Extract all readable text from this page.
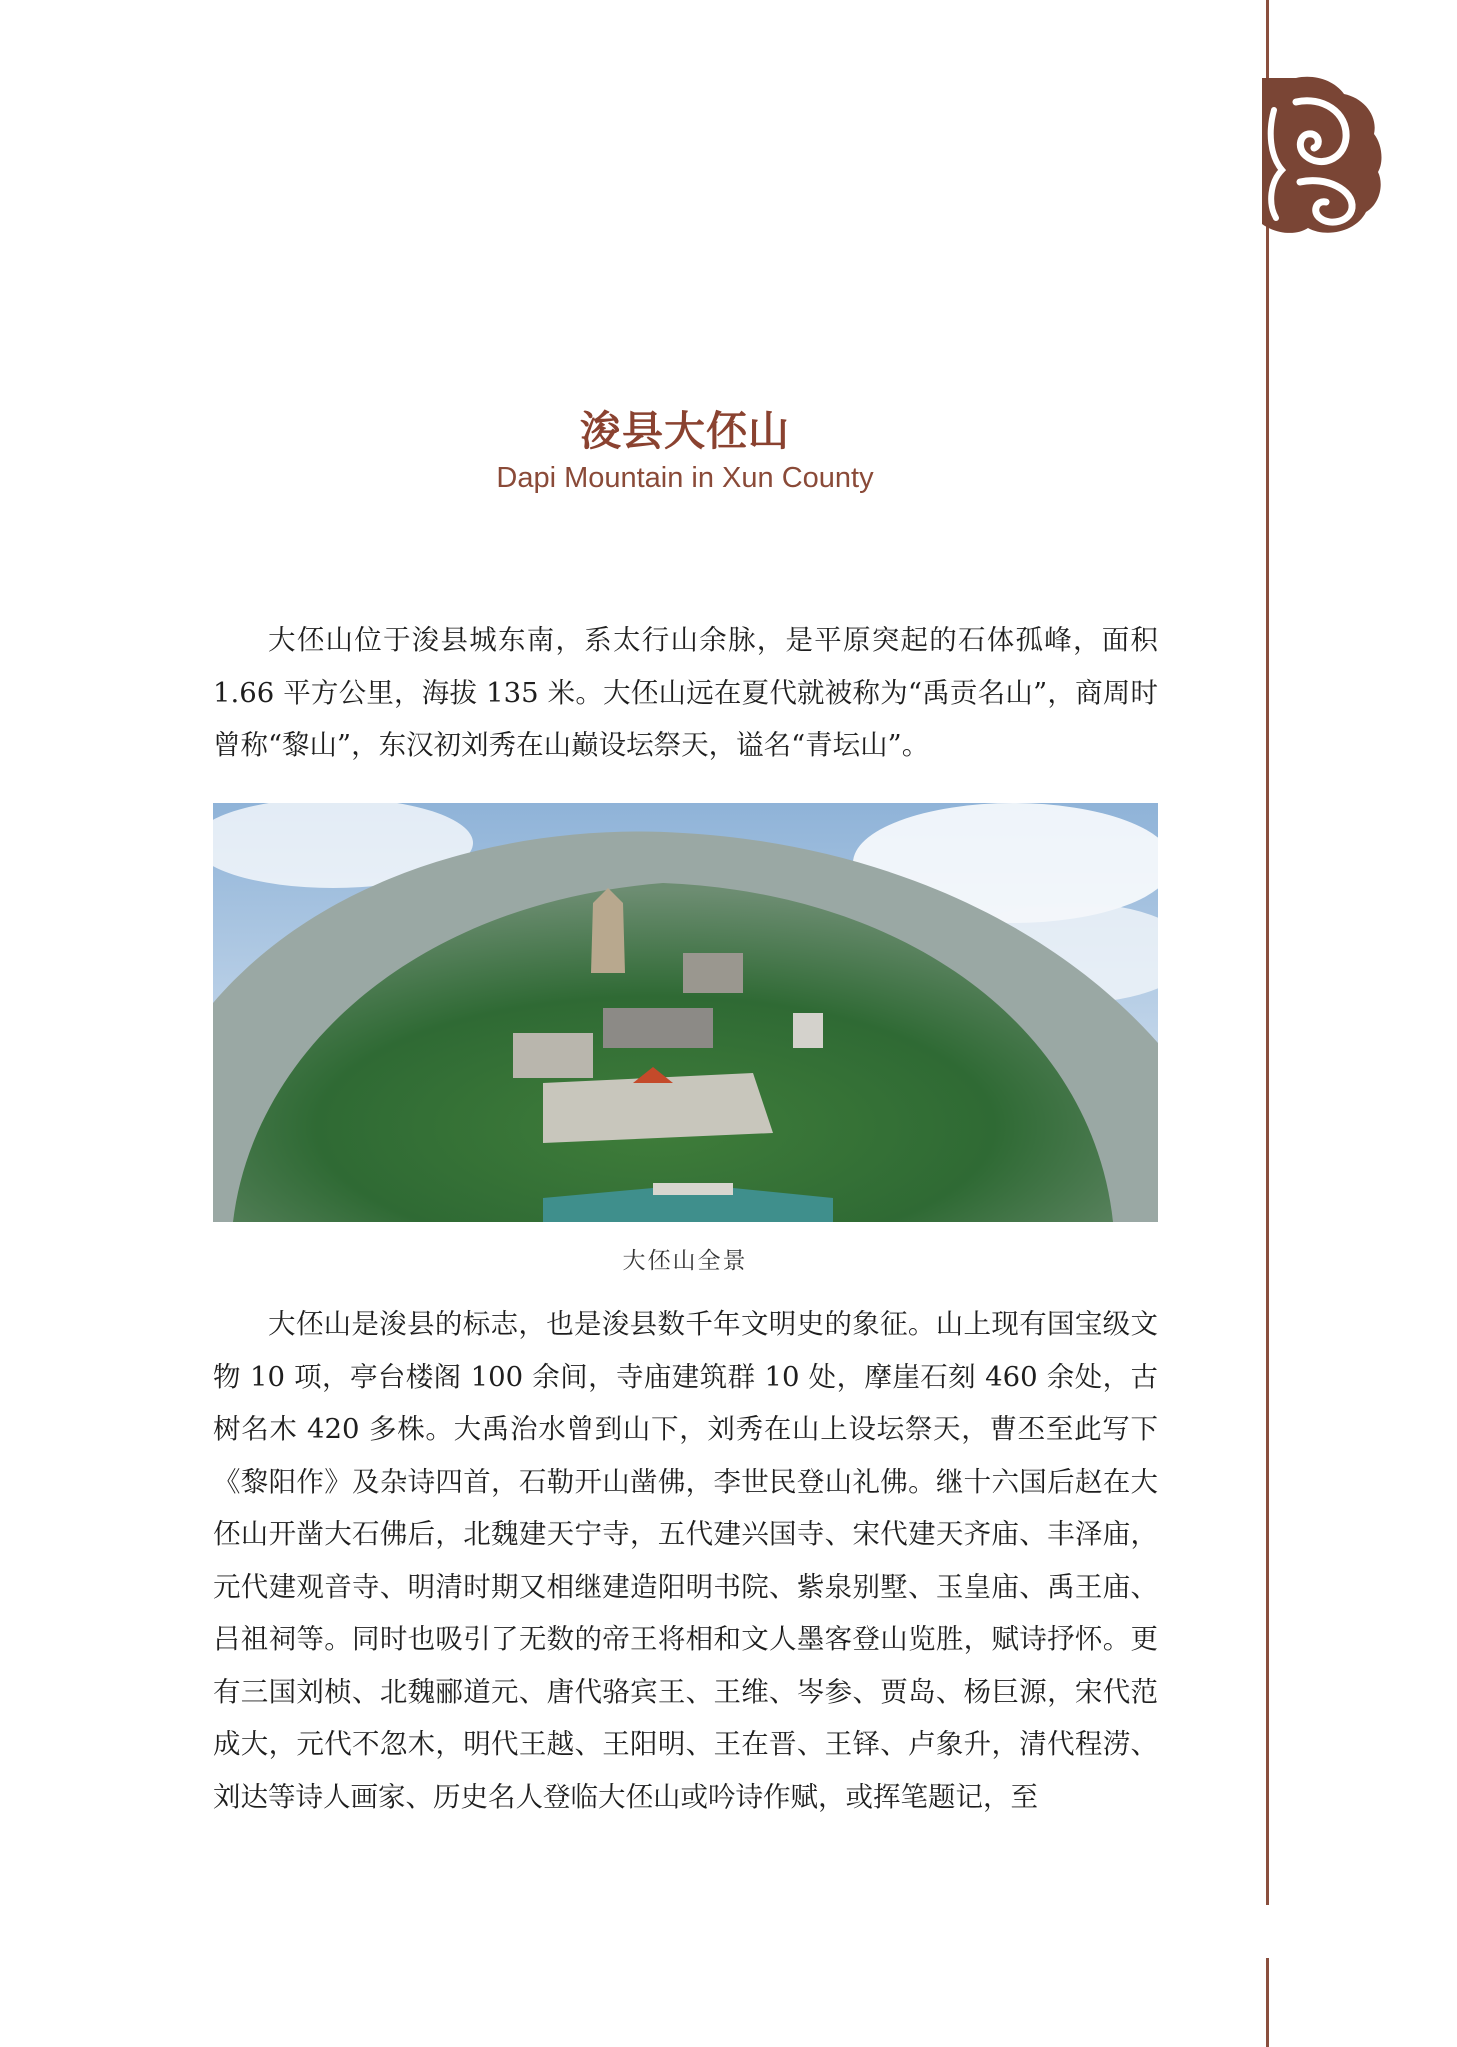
浚县大伾山
Dapi Mountain in Xun County

大伾山位于浚县城东南，系太行山余脉，是平原突起的石体孤峰，面积 1.66 平方公里，海拔 135 米。大伾山远在夏代就被称为“禹贡名山”，商周时曾称“黎山”，东汉初刘秀在山巅设坛祭天，谥名“青坛山”。

大伾山全景

大伾山是浚县的标志，也是浚县数千年文明史的象征。山上现有国宝级文物 10 项，亭台楼阁 100 余间，寺庙建筑群 10 处，摩崖石刻 460 余处，古树名木 420 多株。大禹治水曾到山下，刘秀在山上设坛祭天，曹丕至此写下《黎阳作》及杂诗四首，石勒开山凿佛，李世民登山礼佛。继十六国后赵在大伾山开凿大石佛后，北魏建天宁寺，五代建兴国寺、宋代建天齐庙、丰泽庙，元代建观音寺、明清时期又相继建造阳明书院、紫泉别墅、玉皇庙、禹王庙、吕祖祠等。同时也吸引了无数的帝王将相和文人墨客登山览胜，赋诗抒怀。更有三国刘桢、北魏郦道元、唐代骆宾王、王维、岑参、贾岛、杨巨源，宋代范成大，元代不忽木，明代王越、王阳明、王在晋、王铎、卢象升，清代程涝、刘达等诗人画家、历史名人登临大伾山或吟诗作赋，或挥笔题记，至
